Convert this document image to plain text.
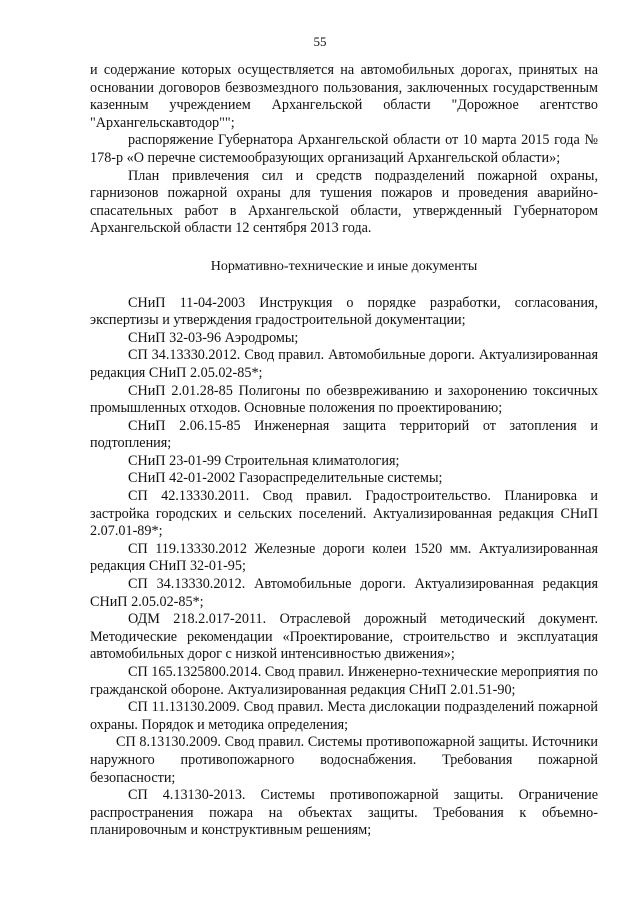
55

и содержание которых осуществляется на автомобильных дорогах, принятых на основании договоров безвозмездного пользования, заключенных государственным казенным учреждением Архангельской области "Дорожное агентство "Архангельскавтодор"";

распоряжение Губернатора Архангельской области от 10 марта 2015 года № 178-р «О перечне системообразующих организаций Архангельской области»;

План привлечения сил и средств подразделений пожарной охраны, гарнизонов пожарной охраны для тушения пожаров и проведения аварийно-спасательных работ в Архангельской области, утвержденный Губернатором Архангельской области 12 сентября 2013 года.

Нормативно-технические и иные документы

СНиП 11-04-2003 Инструкция о порядке разработки, согласования, экспертизы и утверждения градостроительной документации;

СНиП 32-03-96 Аэродромы;

СП 34.13330.2012. Свод правил. Автомобильные дороги. Актуализированная редакция СНиП 2.05.02-85*;

СНиП 2.01.28-85 Полигоны по обезвреживанию и захоронению токсичных промышленных отходов. Основные положения по проектированию;

СНиП 2.06.15-85 Инженерная защита территорий от затопления и подтопления;

СНиП 23-01-99 Строительная климатология;

СНиП 42-01-2002 Газораспределительные системы;

СП 42.13330.2011. Свод правил. Градостроительство. Планировка и застройка городских и сельских поселений. Актуализированная редакция СНиП 2.07.01-89*;

СП 119.13330.2012 Железные дороги колеи 1520 мм. Актуализированная редакция СНиП 32-01-95;

СП 34.13330.2012. Автомобильные дороги. Актуализированная редакция СНиП 2.05.02-85*;

ОДМ 218.2.017-2011. Отраслевой дорожный методический документ. Методические рекомендации «Проектирование, строительство и эксплуатация автомобильных дорог с низкой интенсивностью движения»;

СП 165.1325800.2014. Свод правил. Инженерно-технические мероприятия по гражданской обороне. Актуализированная редакция СНиП 2.01.51-90;

СП 11.13130.2009. Свод правил. Места дислокации подразделений пожарной охраны. Порядок и методика определения;

СП 8.13130.2009. Свод правил. Системы противопожарной защиты. Источники наружного противопожарного водоснабжения. Требования пожарной безопасности;

СП 4.13130-2013. Системы противопожарной защиты. Ограничение распространения пожара на объектах защиты. Требования к объемно-планировочным и конструктивным решениям;
